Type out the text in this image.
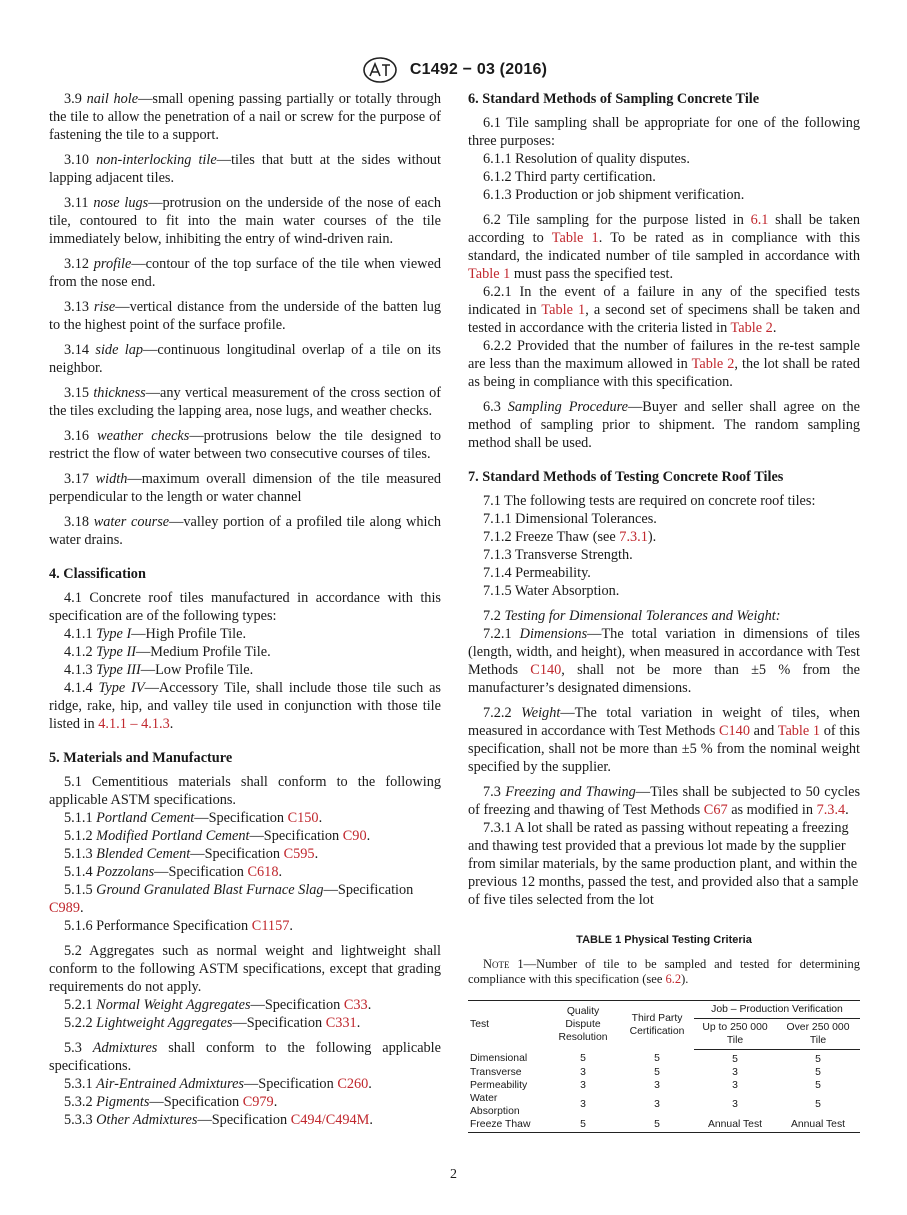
C1492 − 03 (2016)

3.9 nail hole—small opening passing partially or totally through the tile to allow the penetration of a nail or screw for the purpose of fastening the tile to a support.

3.10 non-interlocking tile—tiles that butt at the sides without lapping adjacent tiles.

3.11 nose lugs—protrusion on the underside of the nose of each tile, contoured to fit into the main water courses of the tile immediately below, inhibiting the entry of wind-driven rain.

3.12 profile—contour of the top surface of the tile when viewed from the nose end.

3.13 rise—vertical distance from the underside of the batten lug to the highest point of the surface profile.

3.14 side lap—continuous longitudinal overlap of a tile on its neighbor.

3.15 thickness—any vertical measurement of the cross section of the tiles excluding the lapping area, nose lugs, and weather checks.

3.16 weather checks—protrusions below the tile designed to restrict the flow of water between two consecutive courses of tiles.

3.17 width—maximum overall dimension of the tile measured perpendicular to the length or water channel

3.18 water course—valley portion of a profiled tile along which water drains.

4. Classification

4.1 Concrete roof tiles manufactured in accordance with this specification are of the following types:

4.1.1 Type I—High Profile Tile.

4.1.2 Type II—Medium Profile Tile.

4.1.3 Type III—Low Profile Tile.

4.1.4 Type IV—Accessory Tile, shall include those tile such as ridge, rake, hip, and valley tile used in conjunction with those tile listed in 4.1.1 – 4.1.3.

5. Materials and Manufacture

5.1 Cementitious materials shall conform to the following applicable ASTM specifications.

5.1.1 Portland Cement—Specification C150.

5.1.2 Modified Portland Cement—Specification C90.

5.1.3 Blended Cement—Specification C595.

5.1.4 Pozzolans—Specification C618.

5.1.5 Ground Granulated Blast Furnace Slag—Specification C989.

5.1.6 Performance Specification C1157.

5.2 Aggregates such as normal weight and lightweight shall conform to the following ASTM specifications, except that grading requirements do not apply.

5.2.1 Normal Weight Aggregates—Specification C33.

5.2.2 Lightweight Aggregates—Specification C331.

5.3 Admixtures shall conform to the following applicable specifications.

5.3.1 Air-Entrained Admixtures—Specification C260.

5.3.2 Pigments—Specification C979.

5.3.3 Other Admixtures—Specification C494/C494M.

6. Standard Methods of Sampling Concrete Tile

6.1 Tile sampling shall be appropriate for one of the following three purposes:

6.1.1 Resolution of quality disputes.

6.1.2 Third party certification.

6.1.3 Production or job shipment verification.

6.2 Tile sampling for the purpose listed in 6.1 shall be taken according to Table 1. To be rated as in compliance with this standard, the indicated number of tile sampled in accordance with Table 1 must pass the specified test.

6.2.1 In the event of a failure in any of the specified tests indicated in Table 1, a second set of specimens shall be taken and tested in accordance with the criteria listed in Table 2.

6.2.2 Provided that the number of failures in the re-test sample are less than the maximum allowed in Table 2, the lot shall be rated as being in compliance with this specification.

6.3 Sampling Procedure—Buyer and seller shall agree on the method of sampling prior to shipment. The random sampling method shall be used.

7. Standard Methods of Testing Concrete Roof Tiles

7.1 The following tests are required on concrete roof tiles:

7.1.1 Dimensional Tolerances.

7.1.2 Freeze Thaw (see 7.3.1).

7.1.3 Transverse Strength.

7.1.4 Permeability.

7.1.5 Water Absorption.

7.2 Testing for Dimensional Tolerances and Weight:

7.2.1 Dimensions—The total variation in dimensions of tiles (length, width, and height), when measured in accordance with Test Methods C140, shall not be more than ±5 % from the manufacturer’s designated dimensions.

7.2.2 Weight—The total variation in weight of tiles, when measured in accordance with Test Methods C140 and Table 1 of this specification, shall not be more than ±5 % from the nominal weight specified by the supplier.

7.3 Freezing and Thawing—Tiles shall be subjected to 50 cycles of freezing and thawing of Test Methods C67 as modified in 7.3.4.

7.3.1 A lot shall be rated as passing without repeating a freezing and thawing test provided that a previous lot made by the supplier from similar materials, by the same production plant, and within the previous 12 months, passed the test, and provided also that a sample of five tiles selected from the lot

TABLE 1 Physical Testing Criteria

Note 1—Number of tile to be sampled and tested for determining compliance with this specification (see 6.2).

Test	Quality Dispute Resolution	Third Party Certification	Job – Production Verification	
			Up to 250 000 Tile	Over 250 000 Tile
Dimensional	5	5	5	5
Transverse	3	5	3	5
Permeability	3	3	3	5
Water Absorption	3	3	3	5
Freeze Thaw	5	5	Annual Test	Annual Test
2
